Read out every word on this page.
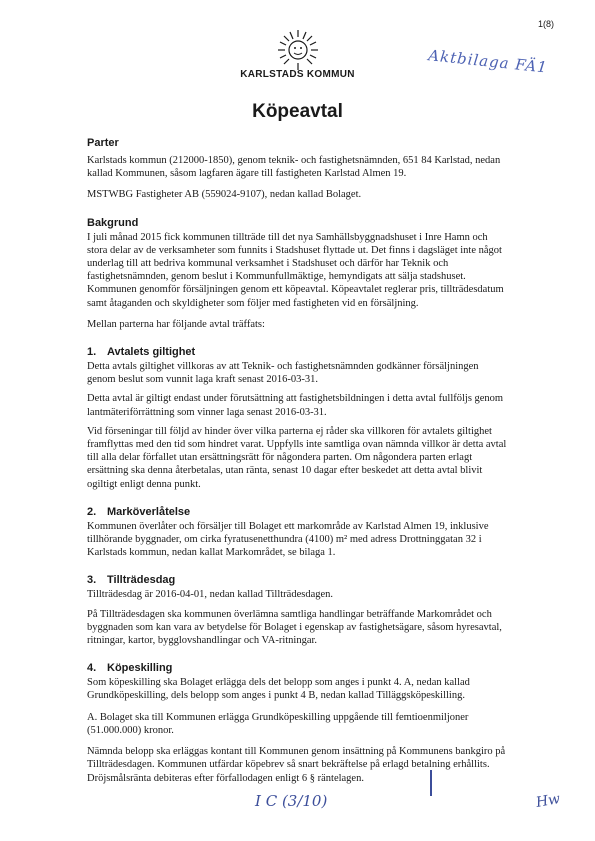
1(8)
Aktbilaga FÄ1
KARLSTADS KOMMUN
Köpeavtal
Parter

Karlstads kommun (212000-1850), genom teknik- och fastighetsnämnden, 651 84 Karlstad, nedan kallad Kommunen, såsom lagfaren ägare till fastigheten Karlstad Almen 19.

MSTWBG Fastigheter AB (559024-9107), nedan kallad Bolaget.

Bakgrund

I juli månad 2015 fick kommunen tillträde till det nya Samhällsbyggnadshuset i Inre Hamn och stora delar av de verksamheter som funnits i Stadshuset flyttade ut. Det finns i dagsläget inte något underlag till att bedriva kommunal verksamhet i Stadshuset och därför har Teknik och fastighetsnämnden, genom beslut i Kommunfullmäktige, hemyndigats att sälja stadshuset. Kommunen genomför försäljningen genom ett köpeavtal. Köpeavtalet reglerar pris, tillträdesdatum samt åtaganden och skyldigheter som följer med fastigheten vid en försäljning.

Mellan parterna har följande avtal träffats:

1. Avtalets giltighet

Detta avtals giltighet villkoras av att Teknik- och fastighetsnämnden godkänner försäljningen genom beslut som vunnit laga kraft senast 2016-03-31.

Detta avtal är giltigt endast under förutsättning att fastighetsbildningen i detta avtal fullföljs genom lantmäteriförrättning som vinner laga senast 2016-03-31.

Vid förseningar till följd av hinder över vilka parterna ej råder ska villkoren för avtalets giltighet framflyttas med den tid som hindret varat. Uppfylls inte samtliga ovan nämnda villkor är detta avtal till alla delar förfallet utan ersättningsrätt för någondera parten. Om någondera parten erlagt ersättning ska denna återbetalas, utan ränta, senast 10 dagar efter beskedet att detta avtal blivit ogiltigt enligt denna punkt.

2. Marköverlåtelse

Kommunen överlåter och försäljer till Bolaget ett markområde av Karlstad Almen 19, inklusive tillhörande byggnader, om cirka fyratusenetthundra (4100) m² med adress Drottninggatan 32 i Karlstads kommun, nedan kallat Markområdet, se bilaga 1.

3. Tillträdesdag

Tillträdesdag är 2016-04-01, nedan kallad Tillträdesdagen.

På Tillträdesdagen ska kommunen överlämna samtliga handlingar beträffande Markområdet och byggnaden som kan vara av betydelse för Bolaget i egenskap av fastighetsägare, såsom hyresavtal, ritningar, kartor, bygglovshandlingar och VA-ritningar.

4. Köpeskilling

Som köpeskilling ska Bolaget erlägga dels det belopp som anges i punkt 4. A, nedan kallad Grundköpeskilling, dels belopp som anges i punkt 4 B, nedan kallad Tilläggsköpeskilling.

A. Bolaget ska till Kommunen erlägga Grundköpeskilling uppgående till femtioenmiljoner (51.000.000) kronor.

Nämnda belopp ska erläggas kontant till Kommunen genom insättning på Kommunens bankgiro på Tillträdesdagen. Kommunen utfärdar köpebrev så snart bekräftelse på erlagd betalning erhållits. Dröjsmålsränta debiteras efter förfallodagen enligt 6 § räntelagen.

I C (3/10)	Hw
